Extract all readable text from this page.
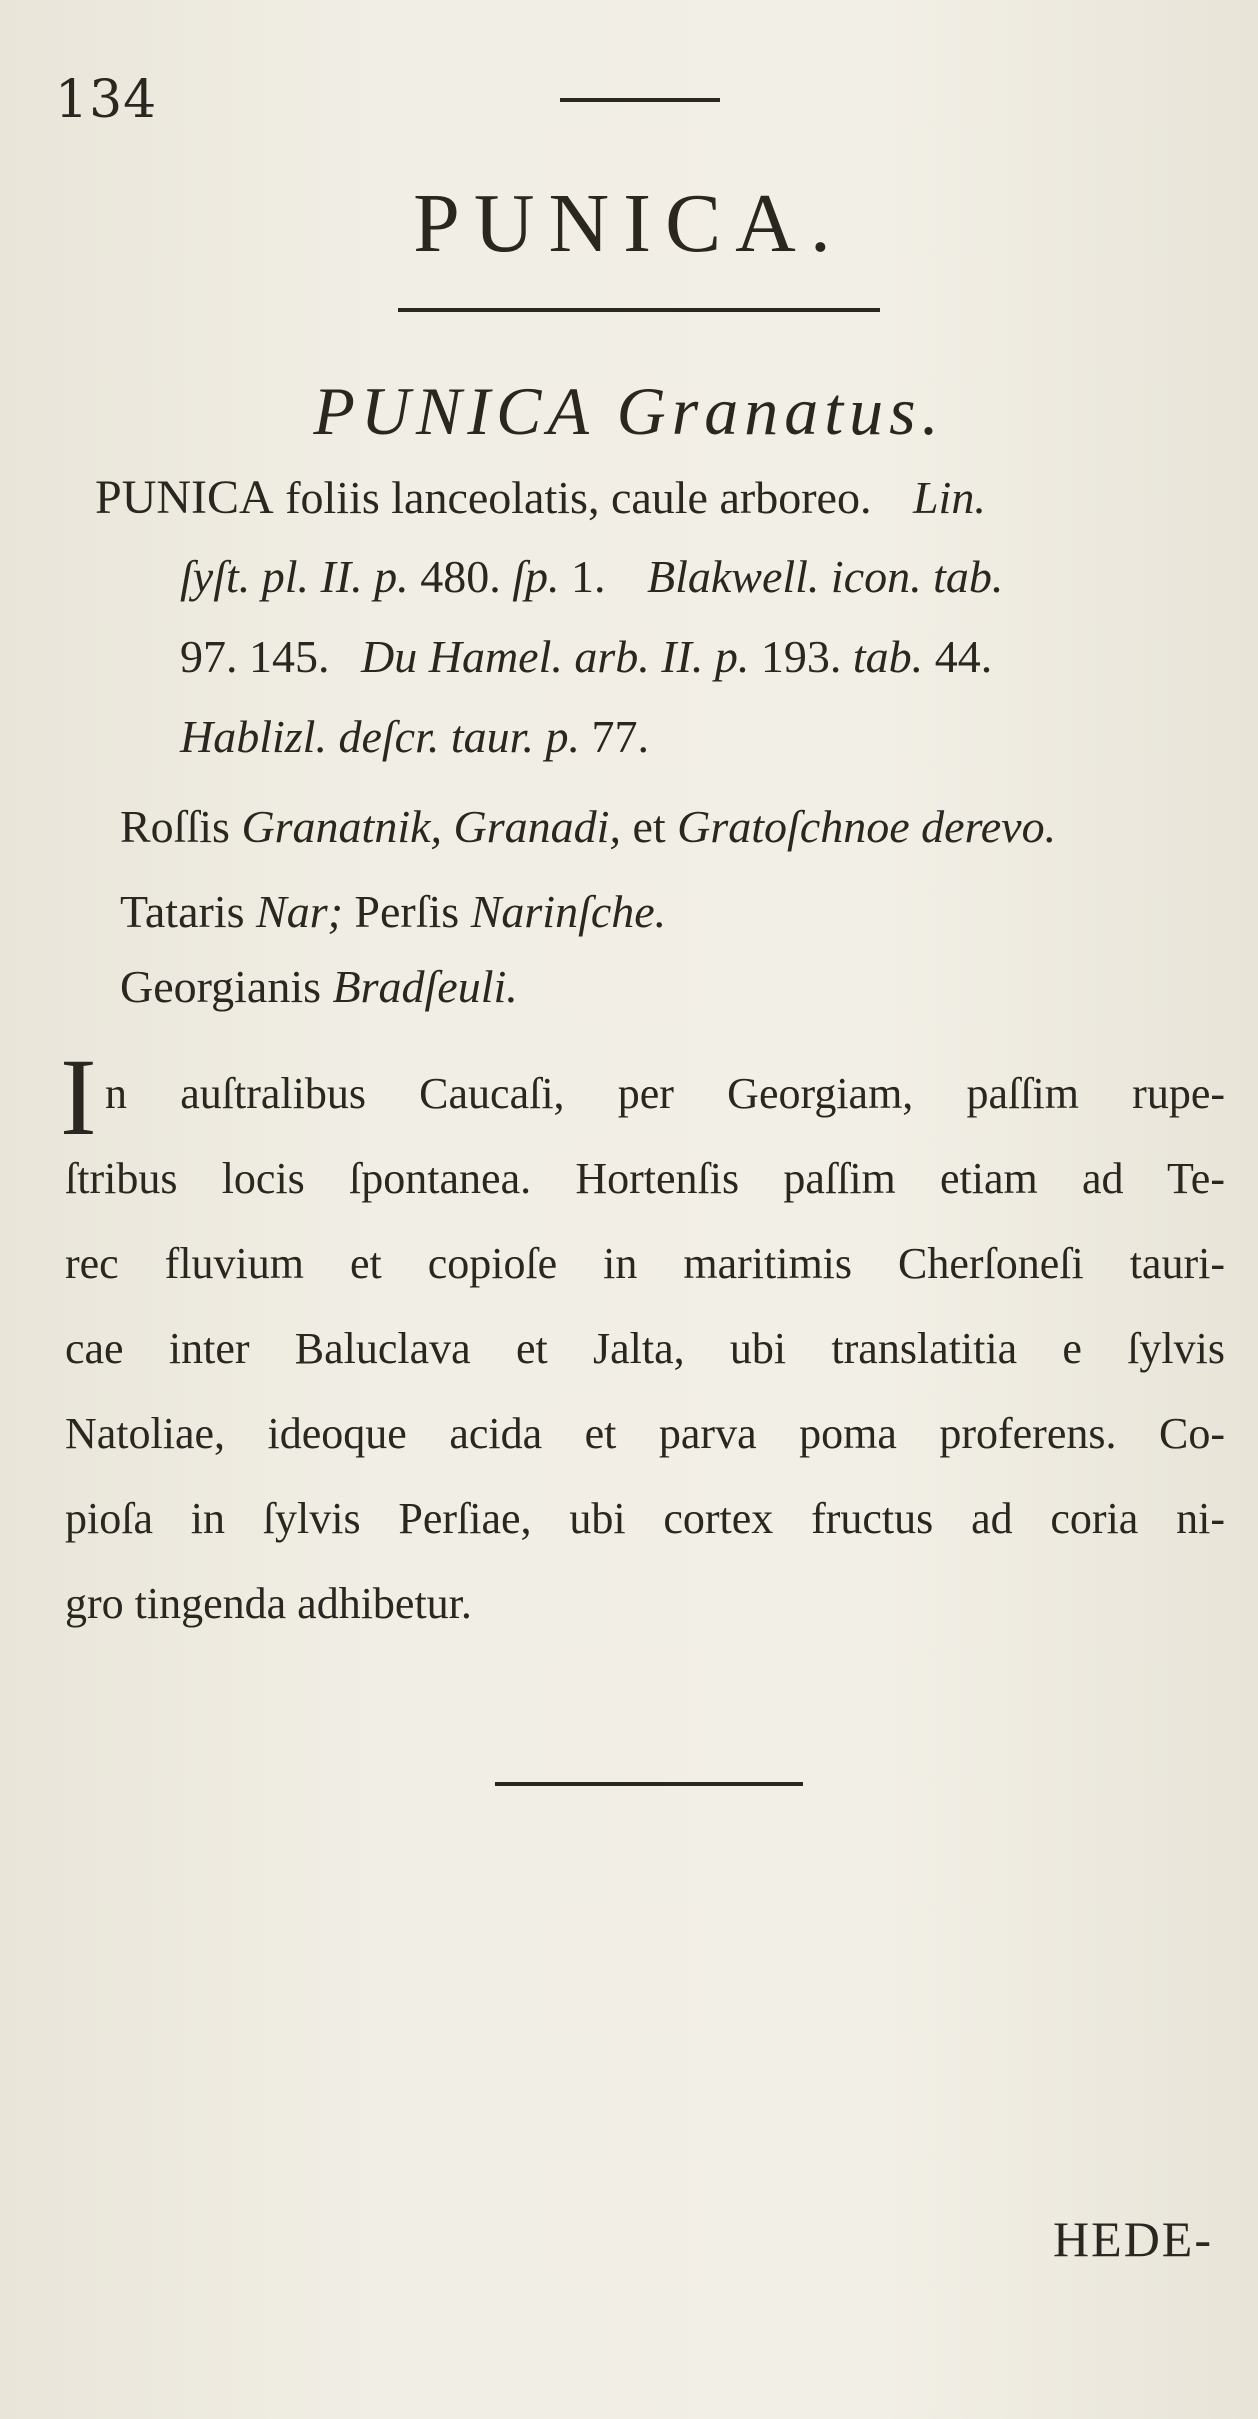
134
PUNICA.
PUNICA Granatus.
PUNICA foliis lanceolatis, caule arboreo. Lin.
ſyſt. pl. II. p. 480. ſp. 1. Blakwell. icon. tab.
97. 145. Du Hamel. arb. II. p. 193. tab. 44.
Hablizl. deſcr. taur. p. 77.
Roſſis Granatnik, Granadi, et Gratoſchnoe derevo.
Tataris Nar; Perſis Narinſche.
Georgianis Bradſeuli.
I n auſtralibus Caucaſi, per Georgiam, paſſim rupe-
ſtribus locis ſpontanea. Hortenſis paſſim etiam ad Te-
rec fluvium et copioſe in maritimis Cherſoneſi tauri-
cae inter Baluclava et Jalta, ubi translatitia e ſylvis
Natoliae, ideoque acida et parva poma proferens. Co-
pioſa in ſylvis Perſiae, ubi cortex fructus ad coria ni-
gro tingenda adhibetur.
HEDE-
